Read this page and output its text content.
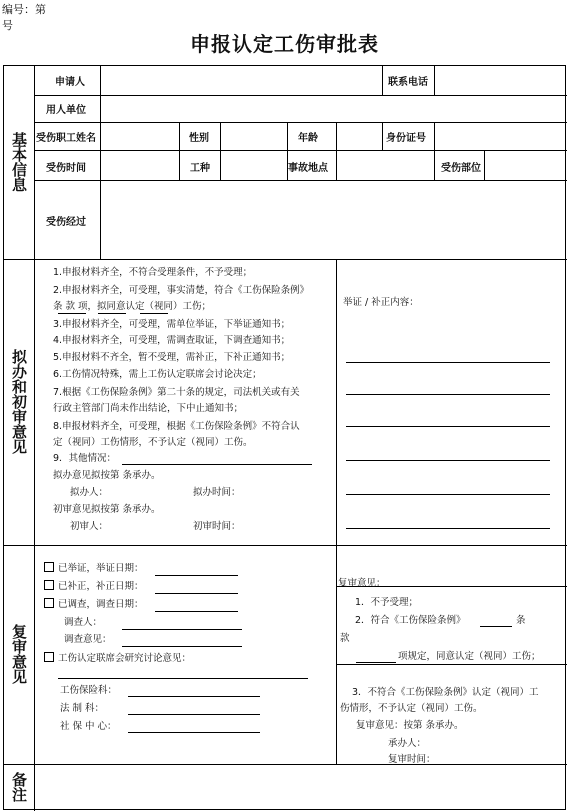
编号：第
号
申报认定工伤审批表
基本信息
拟办和初审意见
复审意见
备注
申请人	联系电话
用人单位
受伤职工姓名	性别	年龄	身份证号
受伤时间	工种	事故地点	受伤部位
受伤经过
1.申报材料齐全，不符合受理条件，不予受理；
2.申报材料齐全，可受理，事实清楚，符合《工伤保险条例》
条 款 项，拟同意认定（视同）工伤；
3.申报材料齐全，可受理，需单位举证，下举证通知书；
4.申报材料齐全，可受理，需调查取证，下调查通知书；
5.申报材料不齐全，暂不受理，需补正，下补正通知书；
6.工伤情况特殊，需上工伤认定联席会讨论决定；
7.根据《工伤保险条例》第二十条的规定，司法机关或有关
行政主管部门尚未作出结论，下中止通知书；
8.申报材料齐全，可受理，根据《工伤保险条例》不符合认
定（视同）工伤情形，不予认定（视同）工伤。
9．其他情况：
拟办意见拟按第 条承办。
拟办人：	拟办时间：
初审意见拟按第 条承办。
初审人：	初审时间：
举证 / 补正内容：
已举证，举证日期：
已补正，补正日期：
已调查，调查日期：
调查人：
调查意见：
工伤认定联席会研究讨论意见：
工伤保险科：
法 制 科：
社 保 中 心：
复审意见：
1．不予受理；
2．符合《工伤保险条例》	条
款
项规定，同意认定（视同）工伤；
3．不符合《工伤保险条例》认定（视同）工
伤情形，不予认定（视同）工伤。
复审意见：按第 条承办。
承办人：
复审时间：
